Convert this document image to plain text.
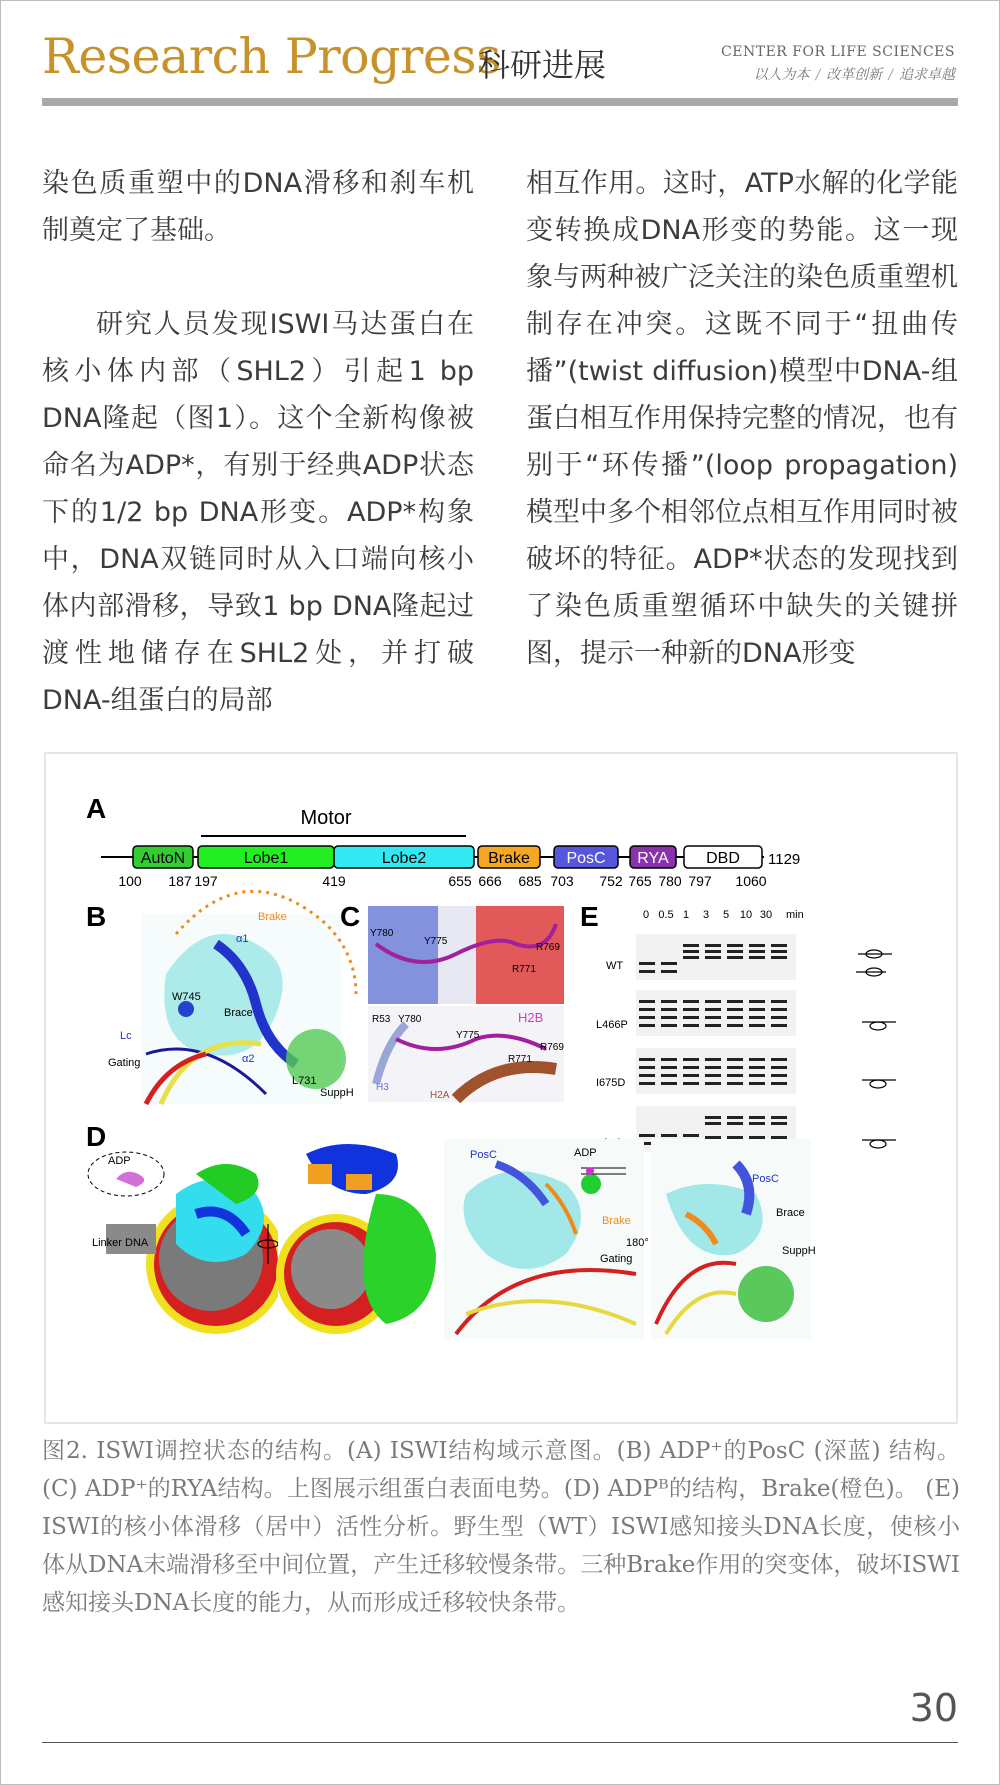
Research Progress
科研进展	CENTER FOR LIFE SCIENCES
以人为本 / 改革创新 / 追求卓越

染色质重塑中的DNA滑移和刹车机制奠定了基础。

研究人员发现ISWI马达蛋白在核小体内部（SHL2）引起1 bp DNA隆起（图1）。这个全新构像被命名为ADP*，有别于经典ADP状态下的1/2 bp DNA形变。ADP*构象中，DNA双链同时从入口端向核小体内部滑移，导致1 bp DNA隆起过渡性地储存在SHL2处，并打破DNA-组蛋白的局部

相互作用。这时，ATP水解的化学能变转换成DNA形变的势能。这一现象与两种被广泛关注的染色质重塑机制存在冲突。这既不同于“扭曲传播”(twist diffusion)模型中DNA-组蛋白相互作用保持完整的情况，也有别于“环传播”(loop propagation)模型中多个相邻位点相互作用同时被破坏的特征。ADP*状态的发现找到了染色质重塑循环中缺失的关键拼图，提示一种新的DNA形变

A	Motor
AutoN	Lobe1	Lobe2	Brake PosC RYA DBD 1129
100 187 197	419	655 666 685 703 752 765 780 797 1060
B	Brake
α1
W745
Brace
Lc
Gating	α2
L731
SuppH
C
Y780
Y775
R769
R771
R53 Y780
Y775
H2B
R769
R771
H3
H2A
E	0 0.5 1 3 5 10 30 min
WT
L466P
I675D
D
ADP
Linker DNA
PosC	ADP
Brake
180°
Gating
PosC
Brace
SuppH

图2. ISWI调控状态的结构。(A) ISWI结构域示意图。(B) ADP⁺的PosC (深蓝) 结构。 (C) ADP⁺的RYA结构。上图展示组蛋白表面电势。(D) ADPᴮ的结构，Brake(橙色)。 (E) ISWI的核小体滑移（居中）活性分析。野生型（WT）ISWI感知接头DNA长度，使核小体从DNA末端滑移至中间位置，产生迁移较慢条带。三种Brake作用的突变体，破坏ISWI感知接头DNA长度的能力，从而形成迁移较快条带。

30
